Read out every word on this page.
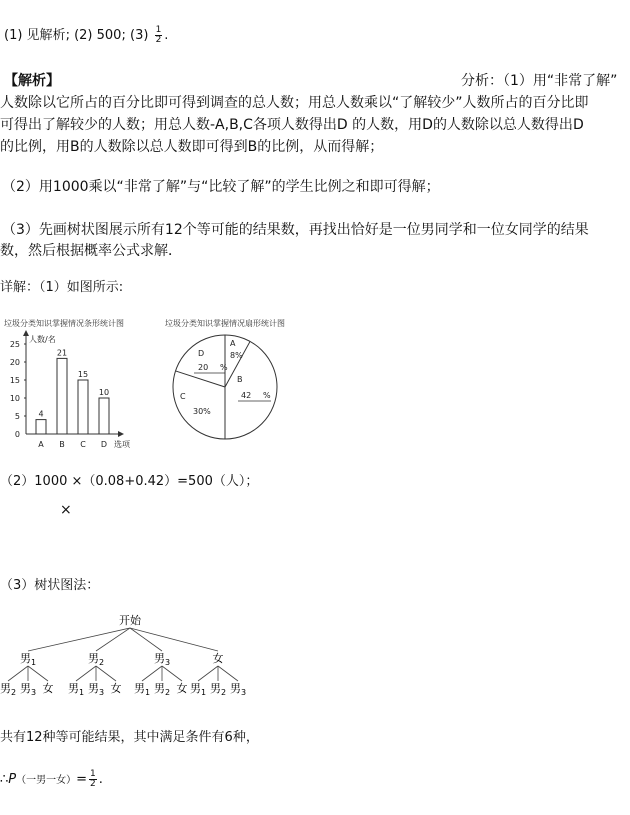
(1) 见解析; (2) 500; $(3) \frac{1}{2}$ .
【解析】	分析：（1）用“非常了解”
人数除以它所占的百分比即可得到调查的总人数；用总人数乘以“了解较少”人数所占的百分比即
可得出了解较少的人数；用总人数-A,B,C各项人数得出D 的人数，用D的人数除以总人数得出D
的比例，用B的人数除以总人数即可得到B的比例，从而得解；
（2）用1000乘以“非常了解”与“比较了解”的学生比例之和即可得解；
（3）先画树状图展示所有12个等可能的结果数，再找出恰好是一位男同学和一位女同学的结果
数，然后根据概率公式求解．
详解：（1）如图所示:
垃圾分类知识掌握情况条形统计图
0
5
10
15
20
25
人数/名
选项
4
A
21
B
15
C
10
D
垃圾分类知识掌握情况扇形统计图
A
8%
B
42 %
C
30%
D
20 %
（2）1000 ×（0.08+0.42）=500（人）；
×
（3）树状图法：
开始
男$_1$
男$_2$ 男$_3$ 女
男$_2$
男$_1$ 男$_3$ 女
男$_3$
男$_1$ 男$_2$ 女
女
男$_1$ 男$_2$ 男$_3$
共有12种等可能结果，其中满足条件有6种，
∴P（一男一女）= $\frac{1}{2}$ .
